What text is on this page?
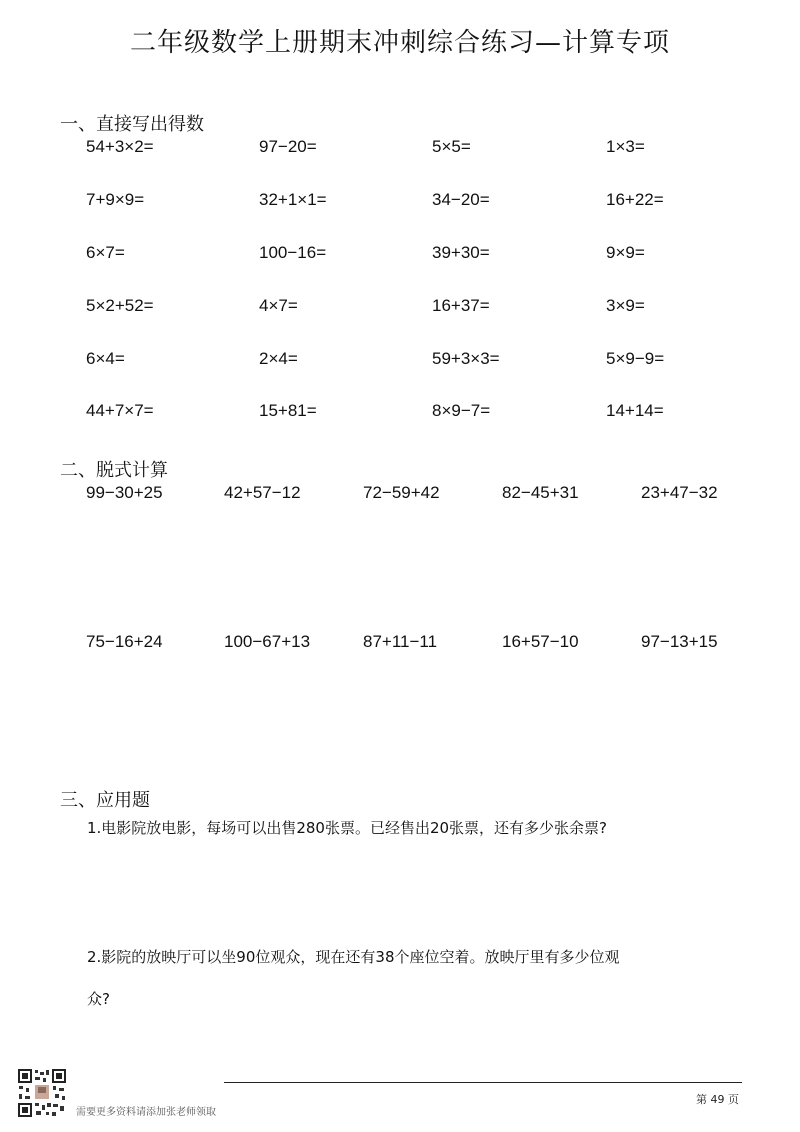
二年级数学上册期末冲刺综合练习—计算专项
一、直接写出得数
54+3×2=	97−20=	5×5=	1×3=
7+9×9=	32+1×1=	34−20=	16+22=
6×7=	100−16=	39+30=	9×9=
5×2+52=	4×7=	16+37=	3×9=
6×4=	2×4=	59+3×3=	5×9−9=
44+7×7=	15+81=	8×9−7=	14+14=
二、脱式计算
99−30+25	42+57−12	72−59+42	82−45+31	23+47−32
75−16+24	100−67+13	87+11−11	16+57−10	97−13+15
三、应用题
1.电影院放电影，每场可以出售280张票。已经售出20张票，还有多少张余票?
2.影院的放映厅可以坐90位观众，现在还有38个座位空着。放映厅里有多少位观
众?
需要更多资料请添加张老师领取
第 49 页
